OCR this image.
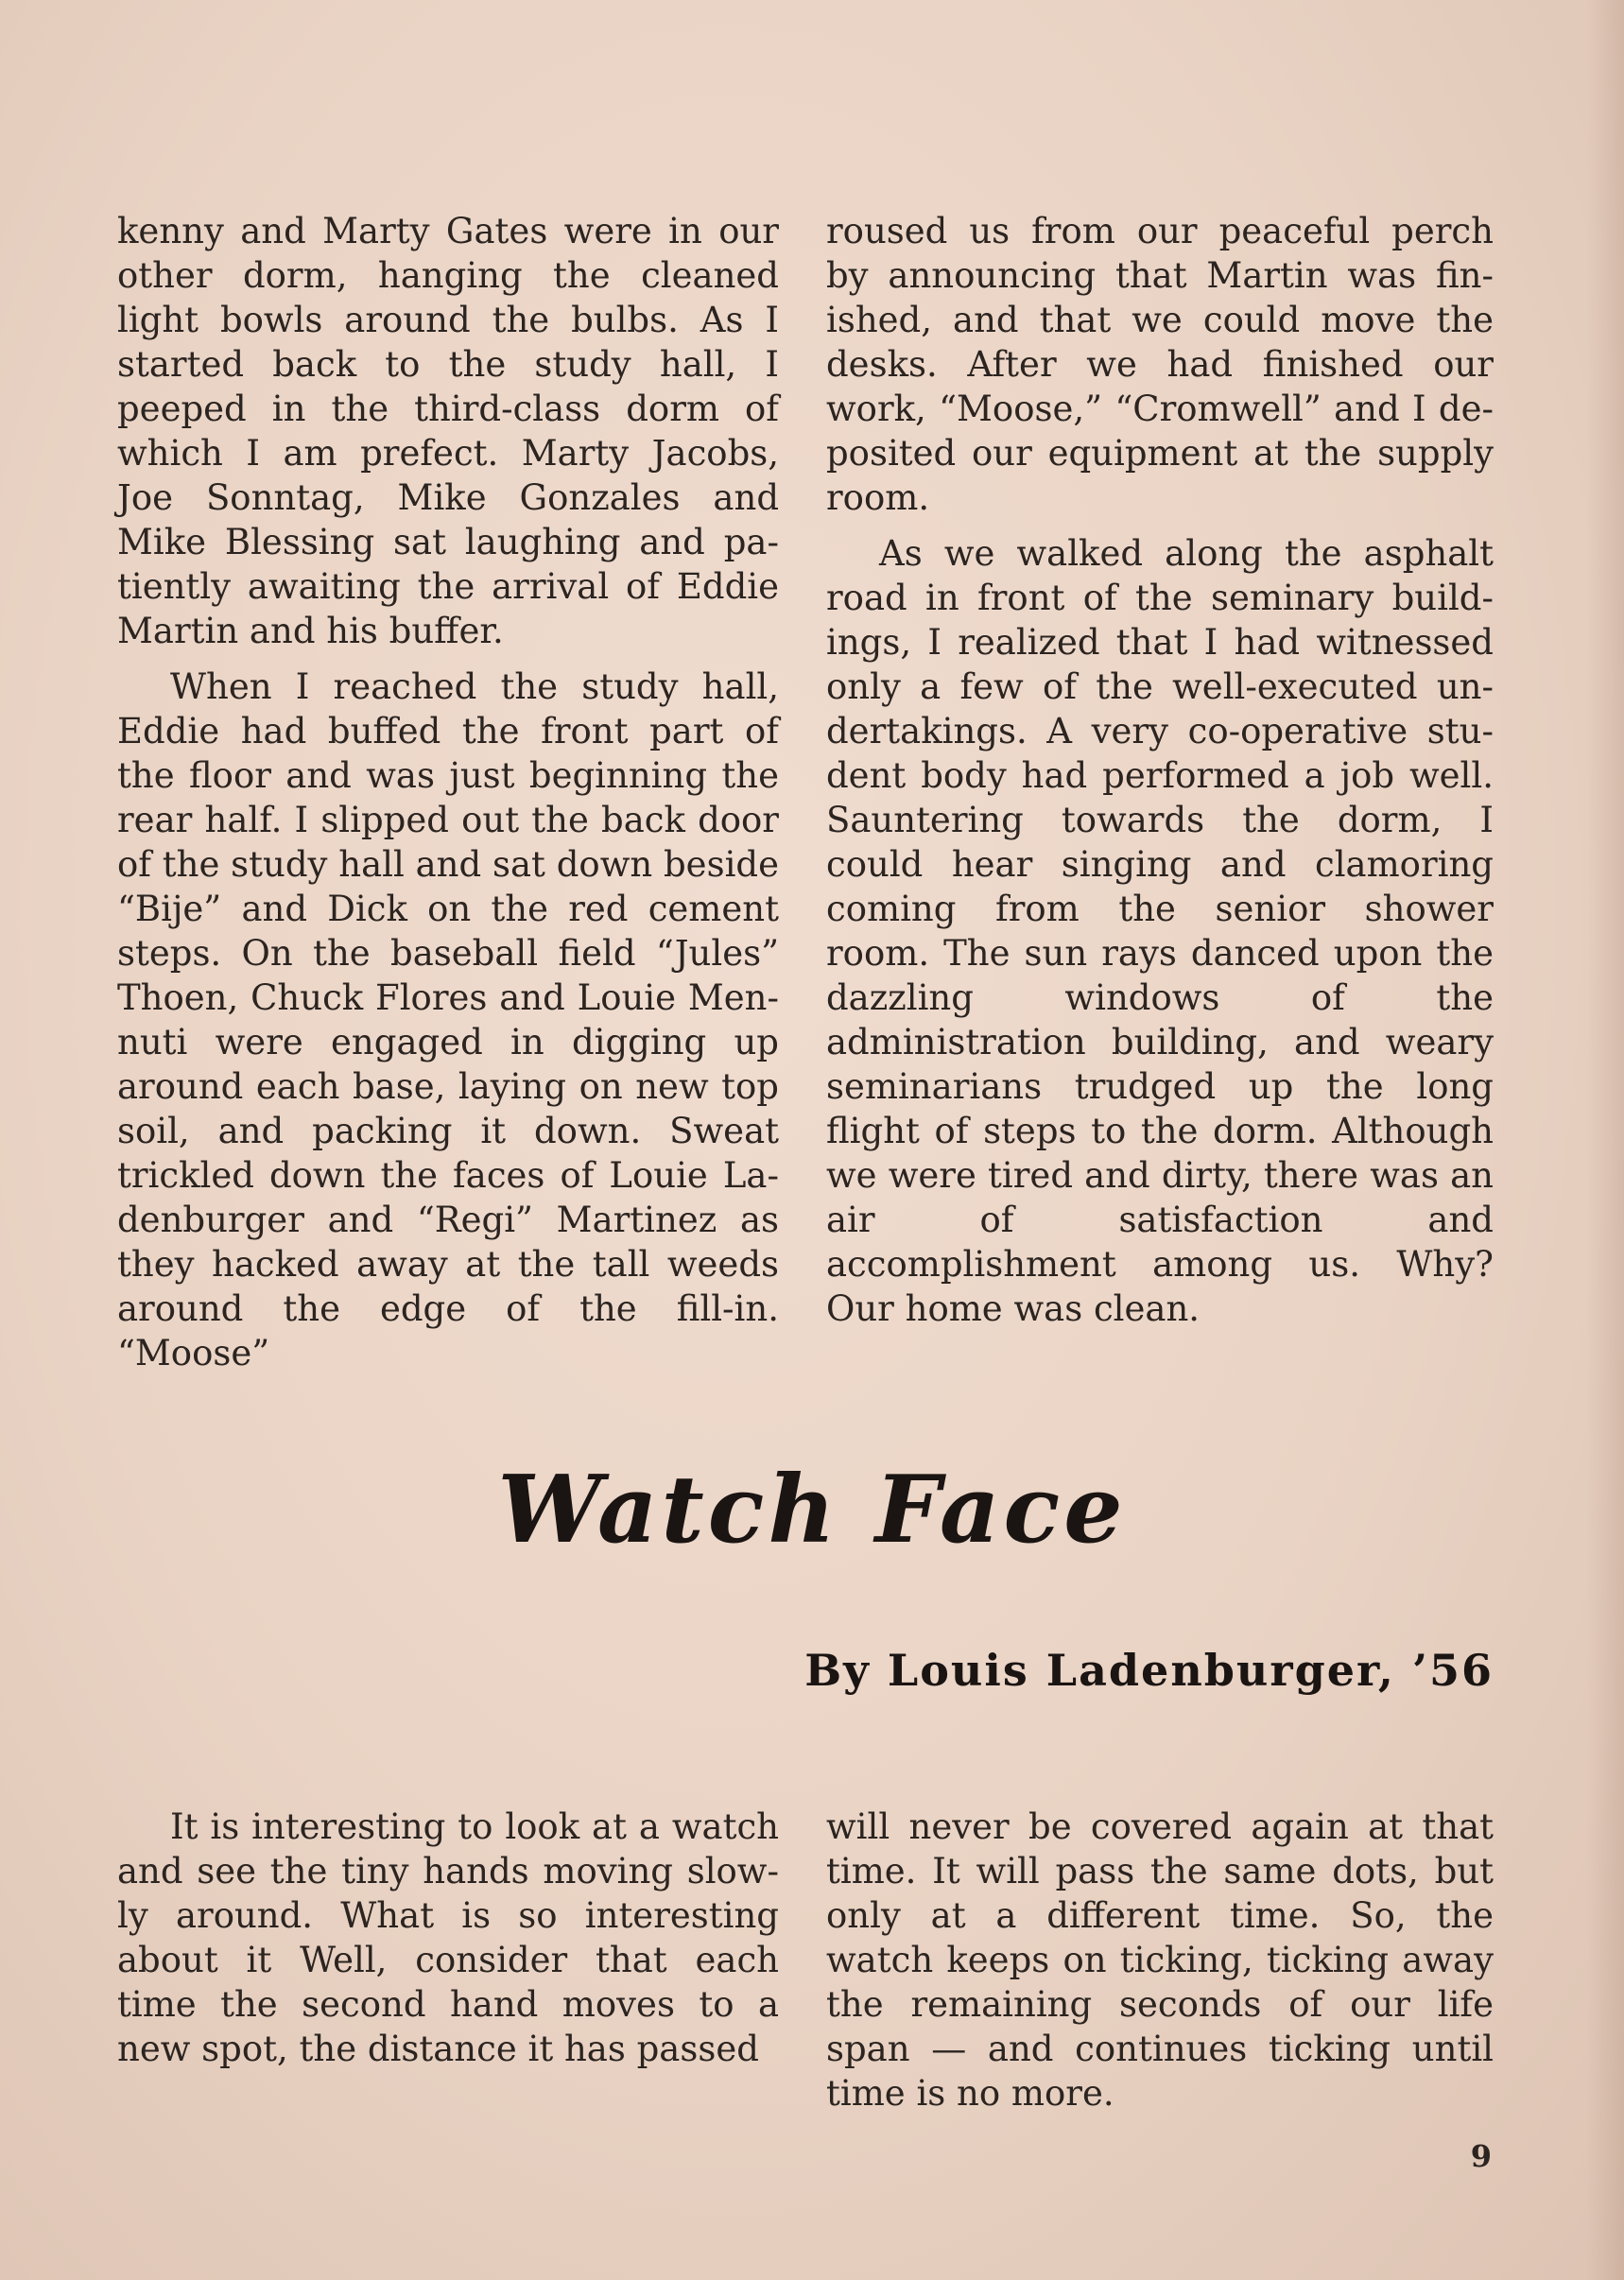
kenny and Marty Gates were in our other dorm, hanging the cleaned light bowls around the bulbs. As I started back to the study hall, I peeped in the third-class dorm of which I am prefect. Marty Jacobs, Joe Sonntag, Mike Gonzales and Mike Blessing sat laughing and patiently awaiting the arrival of Eddie Martin and his buffer.

When I reached the study hall, Eddie had buffed the front part of the floor and was just beginning the rear half. I slipped out the back door of the study hall and sat down beside “Bije” and Dick on the red cement steps. On the baseball field “Jules” Thoen, Chuck Flores and Louie Mennuti were engaged in digging up around each base, laying on new top soil, and packing it down. Sweat trickled down the faces of Louie Ladenburger and “Regi” Martinez as they hacked away at the tall weeds around the edge of the fill-in. “Moose”

roused us from our peaceful perch by announcing that Martin was finished, and that we could move the desks. After we had finished our work, “Moose,” “Cromwell” and I deposited our equipment at the supply room.

As we walked along the asphalt road in front of the seminary buildings, I realized that I had witnessed only a few of the well-executed undertakings. A very co-operative student body had performed a job well. Sauntering towards the dorm, I could hear singing and clamoring coming from the senior shower room. The sun rays danced upon the dazzling windows of the administration building, and weary seminarians trudged up the long flight of steps to the dorm. Although we were tired and dirty, there was an air of satisfaction and accomplishment among us. Why? Our home was clean.

Watch Face
By Louis Ladenburger, ’56

It is interesting to look at a watch and see the tiny hands moving slowly around. What is so interesting about it Well, consider that each time the second hand moves to a new spot, the distance it has passed

will never be covered again at that time. It will pass the same dots, but only at a different time. So, the watch keeps on ticking, ticking away the remaining seconds of our life span — and continues ticking until time is no more.

9
